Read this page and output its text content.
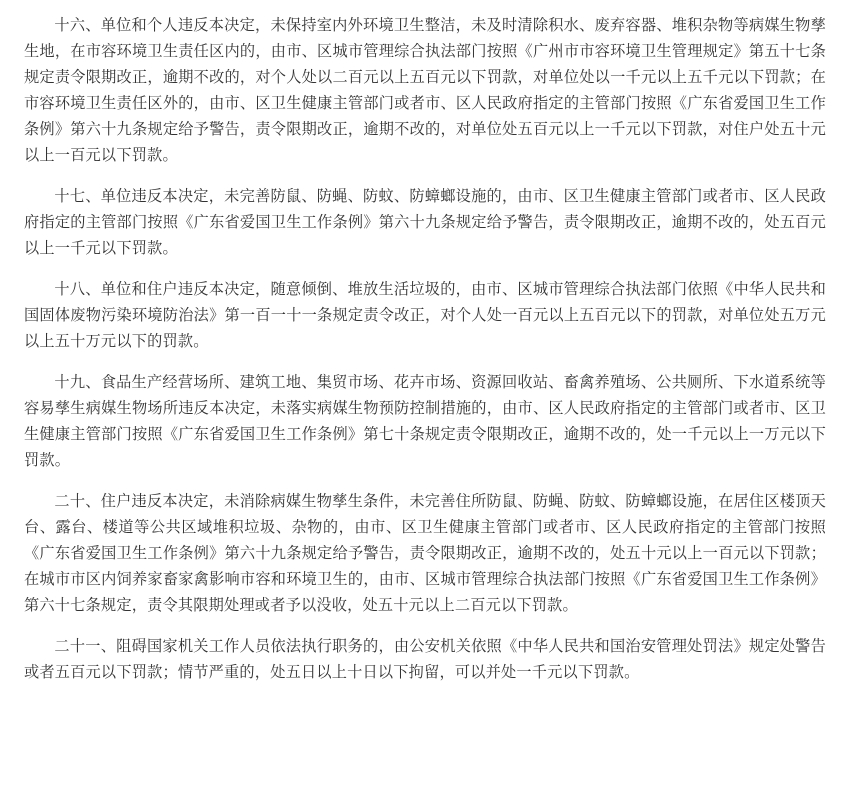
十六、单位和个人违反本决定，未保持室内外环境卫生整洁，未及时清除积水、废弃容器、堆积杂物等病媒生物孳生地，在市容环境卫生责任区内的，由市、区城市管理综合执法部门按照《广州市市容环境卫生管理规定》第五十七条规定责令限期改正，逾期不改的，对个人处以二百元以上五百元以下罚款，对单位处以一千元以上五千元以下罚款；在市容环境卫生责任区外的，由市、区卫生健康主管部门或者市、区人民政府指定的主管部门按照《广东省爱国卫生工作条例》第六十九条规定给予警告，责令限期改正，逾期不改的，对单位处五百元以上一千元以下罚款，对住户处五十元以上一百元以下罚款。

十七、单位违反本决定，未完善防鼠、防蝇、防蚊、防蟑螂设施的，由市、区卫生健康主管部门或者市、区人民政府指定的主管部门按照《广东省爱国卫生工作条例》第六十九条规定给予警告，责令限期改正，逾期不改的，处五百元以上一千元以下罚款。

十八、单位和住户违反本决定，随意倾倒、堆放生活垃圾的，由市、区城市管理综合执法部门依照《中华人民共和国固体废物污染环境防治法》第一百一十一条规定责令改正，对个人处一百元以上五百元以下的罚款，对单位处五万元以上五十万元以下的罚款。

十九、食品生产经营场所、建筑工地、集贸市场、花卉市场、资源回收站、畜禽养殖场、公共厕所、下水道系统等容易孳生病媒生物场所违反本决定，未落实病媒生物预防控制措施的，由市、区人民政府指定的主管部门或者市、区卫生健康主管部门按照《广东省爱国卫生工作条例》第七十条规定责令限期改正，逾期不改的，处一千元以上一万元以下罚款。

二十、住户违反本决定，未消除病媒生物孳生条件，未完善住所防鼠、防蝇、防蚊、防蟑螂设施，在居住区楼顶天台、露台、楼道等公共区域堆积垃圾、杂物的，由市、区卫生健康主管部门或者市、区人民政府指定的主管部门按照《广东省爱国卫生工作条例》第六十九条规定给予警告，责令限期改正，逾期不改的，处五十元以上一百元以下罚款；在城市市区内饲养家畜家禽影响市容和环境卫生的，由市、区城市管理综合执法部门按照《广东省爱国卫生工作条例》第六十七条规定，责令其限期处理或者予以没收，处五十元以上二百元以下罚款。

二十一、阻碍国家机关工作人员依法执行职务的，由公安机关依照《中华人民共和国治安管理处罚法》规定处警告或者五百元以下罚款；情节严重的，处五日以上十日以下拘留，可以并处一千元以下罚款。
